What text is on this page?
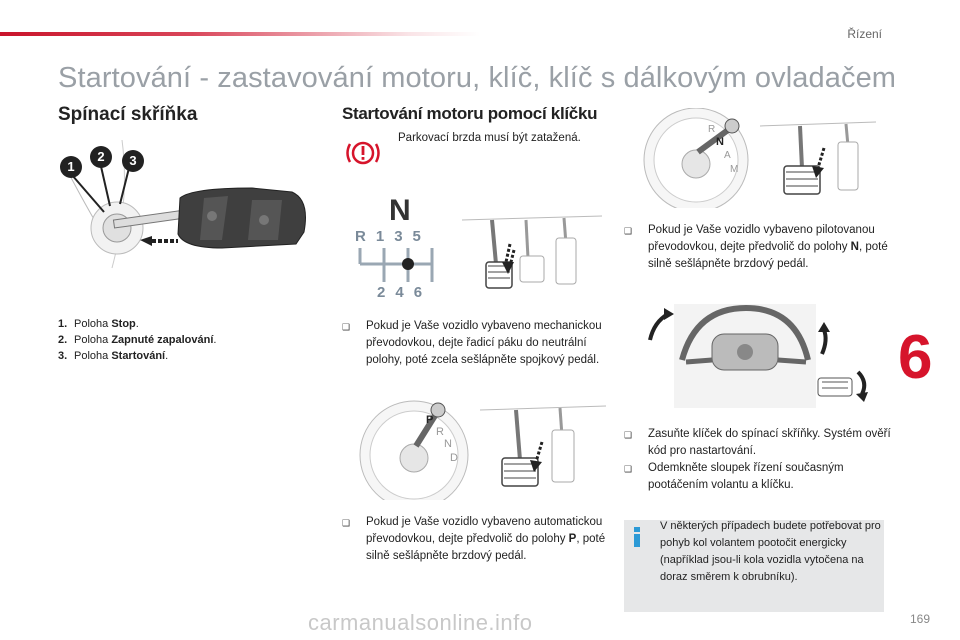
Řízení
Startování - zastavování motoru, klíč, klíč s dálkovým ovladačem
Spínací skříňka
1
2	3
1. Poloha Stop.
2. Poloha Zapnuté zapalování.
3. Poloha Startování.
Startování motoru pomocí klíčku
Parkovací brzda musí být zatažená.
N
R135
246
❑ Pokud je Vaše vozidlo vybaveno mechanickou převodovkou, dejte řadicí páku do neutrální polohy, poté zcela sešlápněte spojkový pedál.
P
R
N
D
❑ Pokud je Vaše vozidlo vybaveno automatickou převodovkou, dejte předvolič do polohy P, poté silně sešlápněte brzdový pedál.
R
N
A
M
❑ Pokud je Vaše vozidlo vybaveno pilotovanou převodovkou, dejte předvolič do polohy N, poté silně sešlápněte brzdový pedál.
❑ Zasuňte klíček do spínací skříňky. Systém ověří kód pro nastartování.
❑ Odemkněte sloupek řízení současným pootáčením volantu a klíčku.
V některých případech budete potřebovat pro pohyb kol volantem pootočit energicky (například jsou-li kola vozidla vytočena na doraz směrem k obrubníku).
6
carmanualsonline.info	169
